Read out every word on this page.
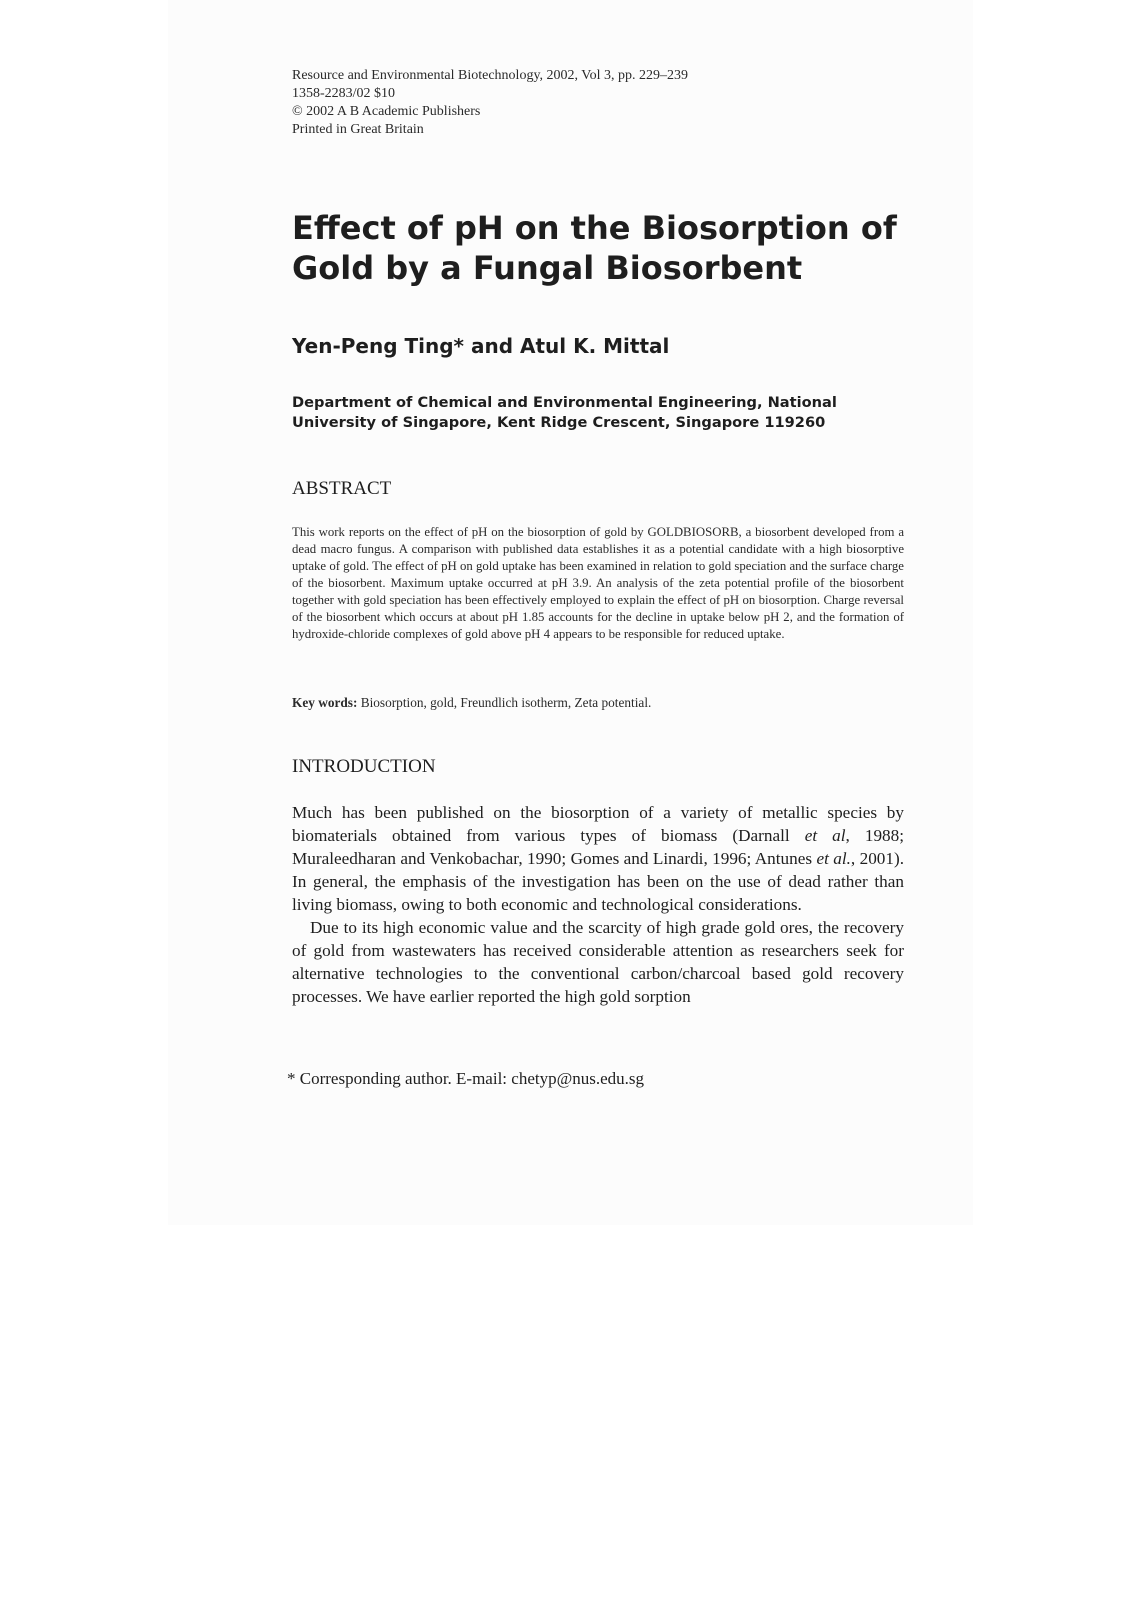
Resource and Environmental Biotechnology, 2002, Vol 3, pp. 229–239
1358-2283/02 $10
© 2002 A B Academic Publishers
Printed in Great Britain
Effect of pH on the Biosorption of Gold by a Fungal Biosorbent
Yen-Peng Ting* and Atul K. Mittal
Department of Chemical and Environmental Engineering, National University of Singapore, Kent Ridge Crescent, Singapore 119260
ABSTRACT

This work reports on the effect of pH on the biosorption of gold by GOLDBIOSORB, a biosorbent developed from a dead macro fungus. A comparison with published data establishes it as a potential candidate with a high biosorptive uptake of gold. The effect of pH on gold uptake has been examined in relation to gold speciation and the surface charge of the biosorbent. Maximum uptake occurred at pH 3.9. An analysis of the zeta potential profile of the biosorbent together with gold speciation has been effectively employed to explain the effect of pH on biosorption. Charge reversal of the biosorbent which occurs at about pH 1.85 accounts for the decline in uptake below pH 2, and the formation of hydroxide-chloride complexes of gold above pH 4 appears to be responsible for reduced uptake.

Key words: Biosorption, gold, Freundlich isotherm, Zeta potential.
INTRODUCTION

Much has been published on the biosorption of a variety of metallic species by biomaterials obtained from various types of biomass (Darnall et al, 1988; Muraleedharan and Venkobachar, 1990; Gomes and Linardi, 1996; Antunes et al., 2001). In general, the emphasis of the investigation has been on the use of dead rather than living biomass, owing to both economic and technological considerations.

Due to its high economic value and the scarcity of high grade gold ores, the recovery of gold from wastewaters has received considerable attention as researchers seek for alternative technologies to the conventional carbon/charcoal based gold recovery processes. We have earlier reported the high gold sorption

* Corresponding author. E-mail: chetyp@nus.edu.sg
